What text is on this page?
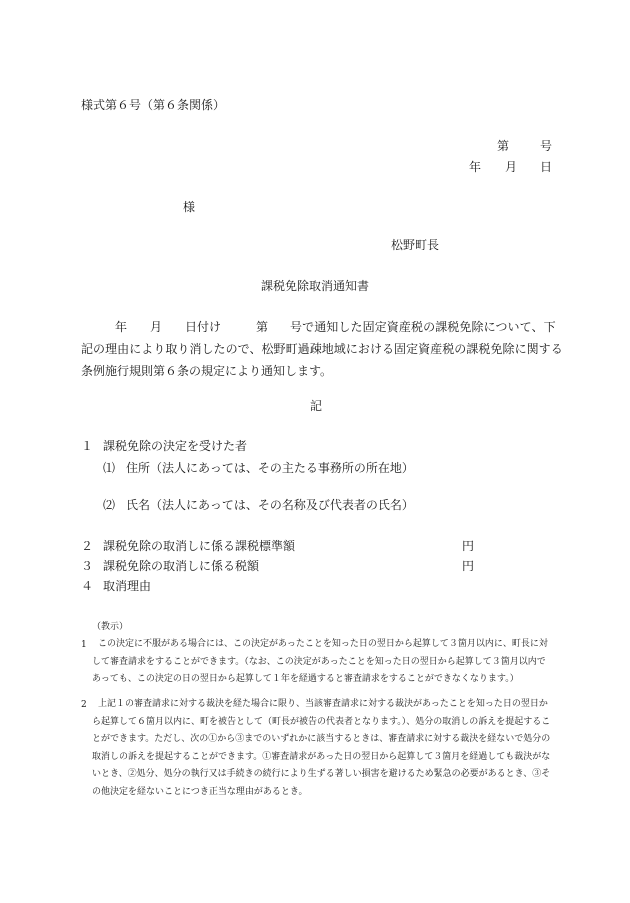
様式第６号（第６条関係）
第	号
年 月 日
様
松野町長
課税免除取消通知書
年 月 日付け	第 号で通知した固定資産税の課税免除について、下
記の理由により取り消したので、松野町過疎地域における固定資産税の課税免除に関する
条例施行規則第６条の規定により通知します。
記
１ 課税免除の決定を受けた者
⑴ 住所（法人にあっては、その主たる事務所の所在地）
⑵ 氏名（法人にあっては、その名称及び代表者の氏名）
２ 課税免除の取消しに係る課税標準額	円
３ 課税免除の取消しに係る税額	円
４ 取消理由
（教示）
1	この決定に不服がある場合には、この決定があったことを知った日の翌日から起算して３箇月以内に、町長に対して審査請求をすることができます。（なお、この決定があったことを知った日の翌日から起算して３箇月以内であっても、この決定の日の翌日から起算して１年を経過すると審査請求をすることができなくなります。）
2	上記１の審査請求に対する裁決を経た場合に限り、当該審査請求に対する裁決があったことを知った日の翌日から起算して６箇月以内に、町を被告として（町長が被告の代表者となります。）、処分の取消しの訴えを提起することができます。ただし、次の①から③までのいずれかに該当するときは、審査請求に対する裁決を経ないで処分の取消しの訴えを提起することができます。①審査請求があった日の翌日から起算して３箇月を経過しても裁決がないとき、②処分、処分の執行又は手続きの続行により生ずる著しい損害を避けるため緊急の必要があるとき、③その他決定を経ないことにつき正当な理由があるとき。
